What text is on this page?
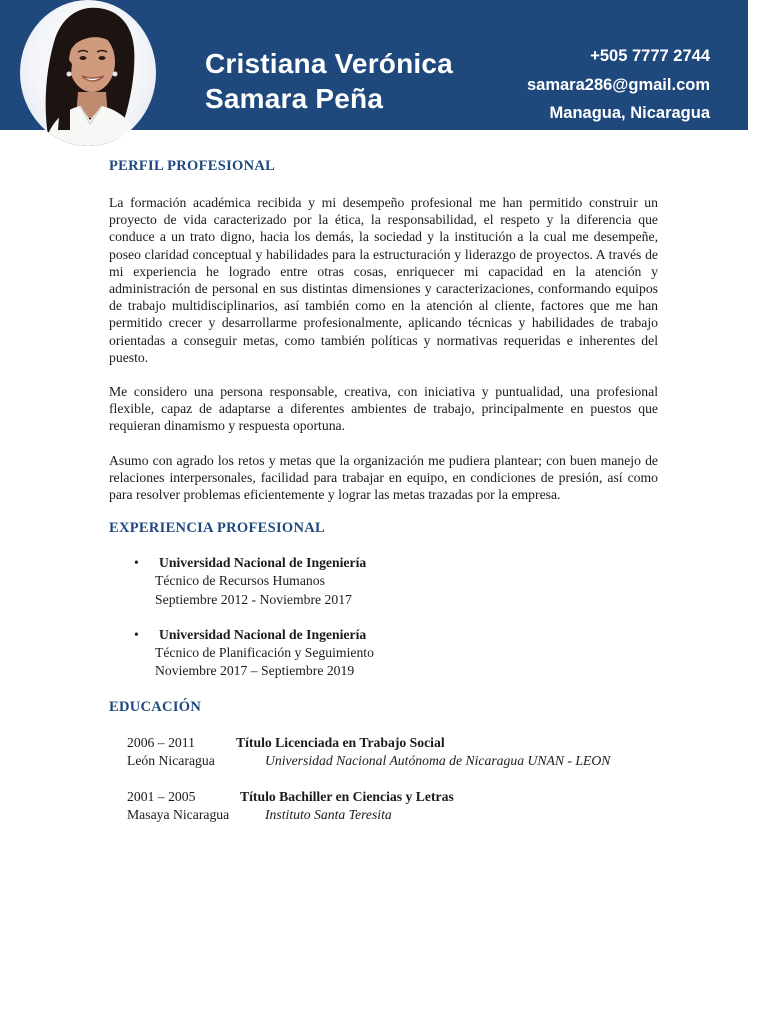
Cristiana Verónica
Samara Peña
+505 7777 2744
samara286@gmail.com
Managua, Nicaragua
PERFIL PROFESIONAL

La formación académica recibida y mi desempeño profesional me han permitido construir un proyecto de vida caracterizado por la ética, la responsabilidad, el respeto y la diferencia que conduce a un trato digno, hacia los demás, la sociedad y la institución a la cual me desempeñe, poseo claridad conceptual y habilidades para la estructuración y liderazgo de proyectos. A través de mi experiencia he logrado entre otras cosas, enriquecer mi capacidad en la atención y administración de personal en sus distintas dimensiones y caracterizaciones, conformando equipos de trabajo multidisciplinarios, así también como en la atención al cliente, factores que me han permitido crecer y desarrollarme profesionalmente, aplicando técnicas y habilidades de trabajo orientadas a conseguir metas, como también políticas y normativas requeridas e inherentes del puesto.

Me considero una persona responsable, creativa, con iniciativa y puntualidad, una profesional flexible, capaz de adaptarse a diferentes ambientes de trabajo, principalmente en puestos que requieran dinamismo y respuesta oportuna.

Asumo con agrado los retos y metas que la organización me pudiera plantear; con buen manejo de relaciones interpersonales, facilidad para trabajar en equipo, en condiciones de presión, así como para resolver problemas eficientemente y lograr las metas trazadas por la empresa.

EXPERIENCIA PROFESIONAL
• Universidad Nacional de Ingeniería
Técnico de Recursos Humanos
Septiembre 2012 - Noviembre 2017
• Universidad Nacional de Ingeniería
Técnico de Planificación y Seguimiento
Noviembre 2017 – Septiembre 2019
EDUCACIÓN
2006 – 2011	Título Licenciada en Trabajo Social
León Nicaragua	Universidad Nacional Autónoma de Nicaragua UNAN - LEON
2001 – 2005	Título Bachiller en Ciencias y Letras
Masaya Nicaragua	Instituto Santa Teresita
